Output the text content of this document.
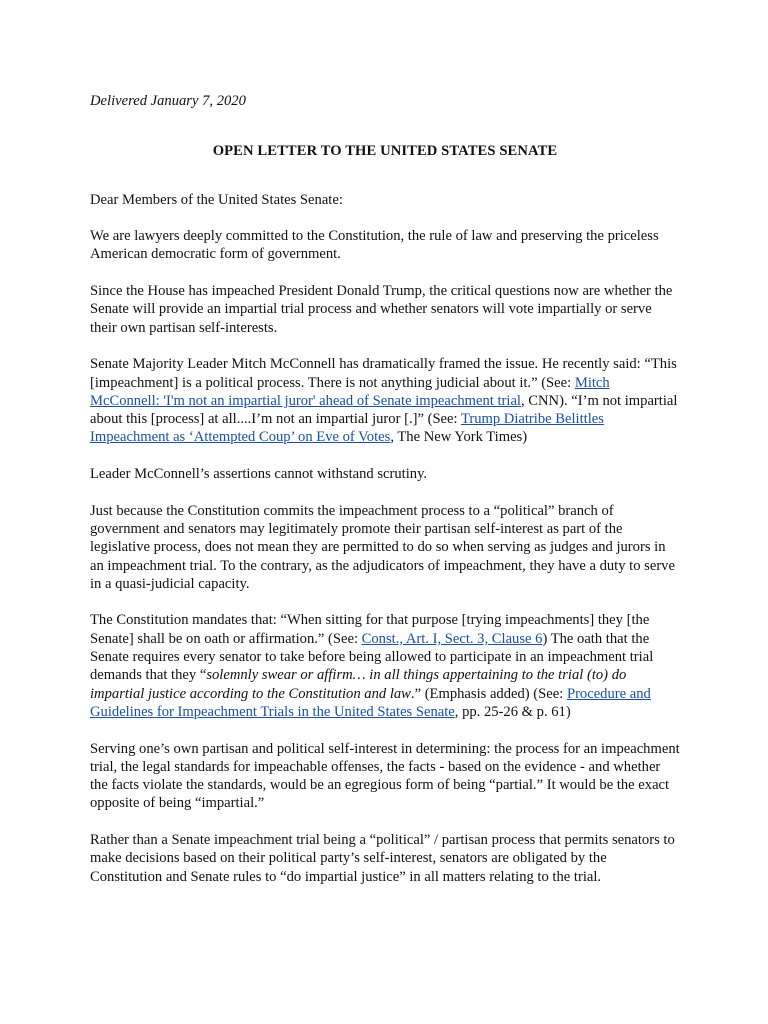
Delivered January 7, 2020
OPEN LETTER TO THE UNITED STATES SENATE

Dear Members of the United States Senate:

We are lawyers deeply committed to the Constitution, the rule of law and preserving the priceless American democratic form of government.

Since the House has impeached President Donald Trump, the critical questions now are whether the Senate will provide an impartial trial process and whether senators will vote impartially or serve their own partisan self-interests.

Senate Majority Leader Mitch McConnell has dramatically framed the issue. He recently said: “This [impeachment] is a political process. There is not anything judicial about it.” (See: Mitch McConnell: 'I'm not an impartial juror' ahead of Senate impeachment trial, CNN). “I’m not impartial about this [process] at all....I’m not an impartial juror [.]” (See: Trump Diatribe Belittles Impeachment as ‘Attempted Coup’ on Eve of Votes, The New York Times)

Leader McConnell’s assertions cannot withstand scrutiny.

Just because the Constitution commits the impeachment process to a “political” branch of government and senators may legitimately promote their partisan self-interest as part of the legislative process, does not mean they are permitted to do so when serving as judges and jurors in an impeachment trial. To the contrary, as the adjudicators of impeachment, they have a duty to serve in a quasi-judicial capacity.

The Constitution mandates that: “When sitting for that purpose [trying impeachments] they [the Senate] shall be on oath or affirmation.” (See: Const., Art. I, Sect. 3, Clause 6) The oath that the Senate requires every senator to take before being allowed to participate in an impeachment trial demands that they “solemnly swear or affirm… in all things appertaining to the trial (to) do impartial justice according to the Constitution and law.” (Emphasis added) (See: Procedure and Guidelines for Impeachment Trials in the United States Senate, pp. 25-26 & p. 61)

Serving one’s own partisan and political self-interest in determining: the process for an impeachment trial, the legal standards for impeachable offenses, the facts - based on the evidence - and whether the facts violate the standards, would be an egregious form of being “partial.” It would be the exact opposite of being “impartial.”

Rather than a Senate impeachment trial being a “political” / partisan process that permits senators to make decisions based on their political party’s self-interest, senators are obligated by the Constitution and Senate rules to “do impartial justice” in all matters relating to the trial.
